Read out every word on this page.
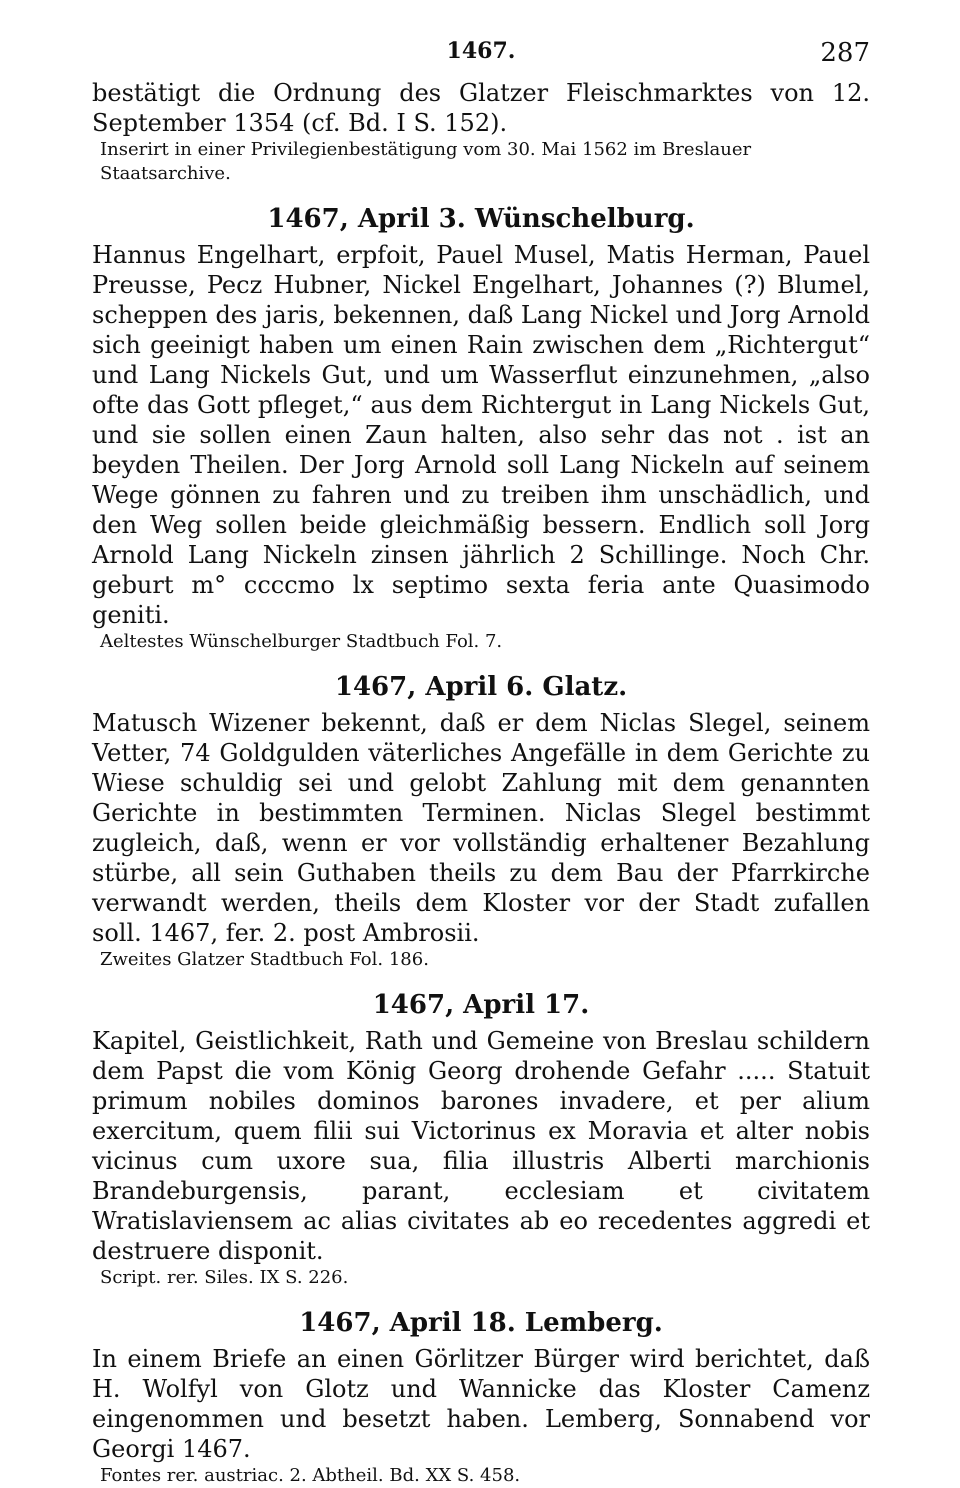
1467.	287

bestätigt die Ordnung des Glatzer Fleischmarktes von 12. September 1354 (cf. Bd. I S. 152).

Inserirt in einer Privilegienbestätigung vom 30. Mai 1562 im Breslauer Staatsarchive.

1467, April 3. Wünschelburg.

Hannus Engelhart, erpfoit, Pauel Musel, Matis Herman, Pauel Preusse, Pecz Hubner, Nickel Engelhart, Johannes (?) Blumel, scheppen des jaris, bekennen, daß Lang Nickel und Jorg Arnold sich geeinigt haben um einen Rain zwischen dem „Richtergut“ und Lang Nickels Gut, und um Wasserflut einzunehmen, „also ofte das Gott pfleget,“ aus dem Richtergut in Lang Nickels Gut, und sie sollen einen Zaun halten, also sehr das not . ist an beyden Theilen. Der Jorg Arnold soll Lang Nickeln auf seinem Wege gönnen zu fahren und zu treiben ihm unschädlich, und den Weg sollen beide gleichmäßig bessern. Endlich soll Jorg Arnold Lang Nickeln zinsen jährlich 2 Schillinge. Noch Chr. geburt m° ccccmo lx septimo sexta feria ante Quasimodo geniti.

Aeltestes Wünschelburger Stadtbuch Fol. 7.

1467, April 6. Glatz.

Matusch Wizener bekennt, daß er dem Niclas Slegel, seinem Vetter, 74 Goldgulden väterliches Angefälle in dem Gerichte zu Wiese schuldig sei und gelobt Zahlung mit dem genannten Gerichte in bestimmten Terminen. Niclas Slegel bestimmt zugleich, daß, wenn er vor vollständig erhaltener Bezahlung stürbe, all sein Guthaben theils zu dem Bau der Pfarrkirche verwandt werden, theils dem Kloster vor der Stadt zufallen soll. 1467, fer. 2. post Ambrosii.

Zweites Glatzer Stadtbuch Fol. 186.

1467, April 17.

Kapitel, Geistlichkeit, Rath und Gemeine von Breslau schildern dem Papst die vom König Georg drohende Gefahr ..... Statuit primum nobiles dominos barones invadere, et per alium exercitum, quem filii sui Victorinus ex Moravia et alter nobis vicinus cum uxore sua, filia illustris Alberti marchionis Brandeburgensis, parant, ecclesiam et civitatem Wratislaviensem ac alias civitates ab eo recedentes aggredi et destruere disponit.

Script. rer. Siles. IX S. 226.

1467, April 18. Lemberg.

In einem Briefe an einen Görlitzer Bürger wird berichtet, daß H. Wolfyl von Glotz und Wannicke das Kloster Camenz eingenommen und besetzt haben. Lemberg, Sonnabend vor Georgi 1467.

Fontes rer. austriac. 2. Abtheil. Bd. XX S. 458.
